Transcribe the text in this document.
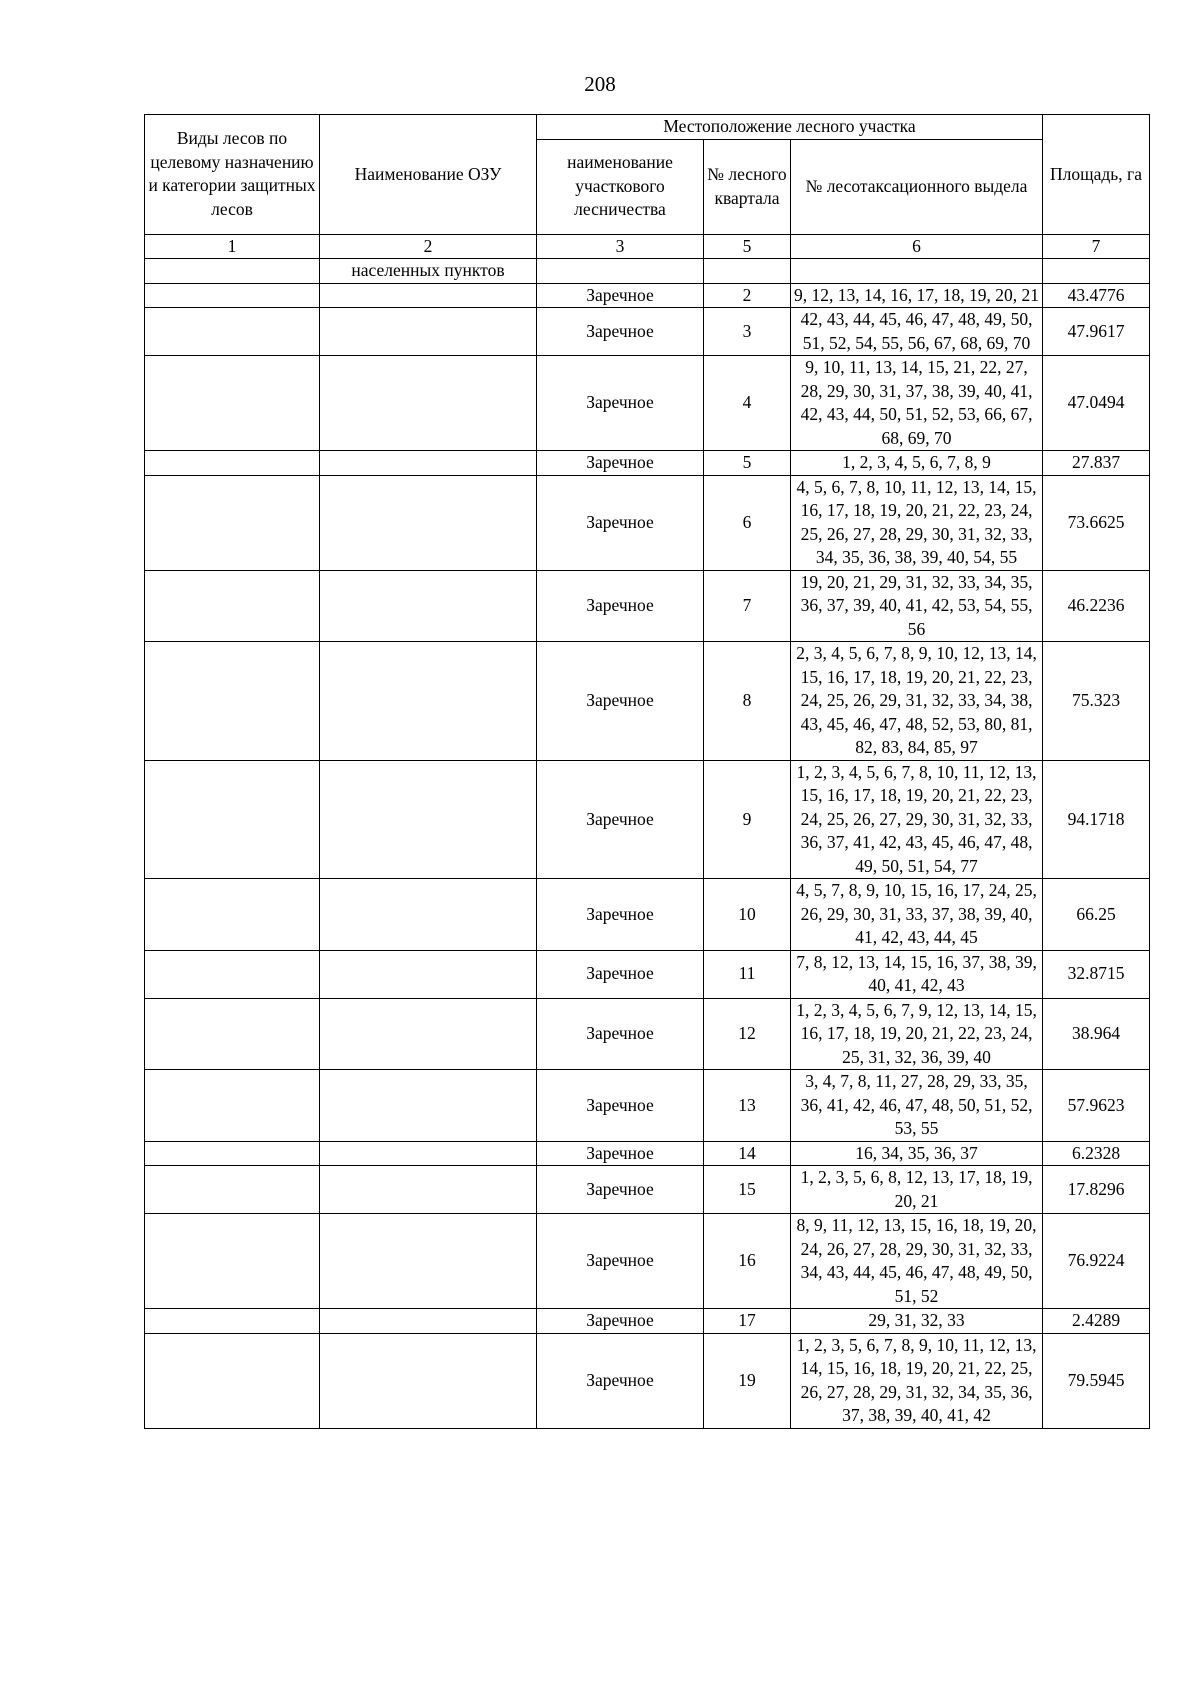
208
Виды лесов по целевому назначению и категории защитных лесов	Наименование ОЗУ	Местоположение лесного участка			Площадь, га
		наименование участкового лесничества	№ лесного квартала	№ лесотаксационного выдела	
1	2	3	5	6	7
	населенных пунктов				
		Заречное	2	9, 12, 13, 14, 16, 17, 18, 19, 20, 21	43.4776
		Заречное	3	42, 43, 44, 45, 46, 47, 48, 49, 50, 51, 52, 54, 55, 56, 67, 68, 69, 70	47.9617
		Заречное	4	9, 10, 11, 13, 14, 15, 21, 22, 27, 28, 29, 30, 31, 37, 38, 39, 40, 41, 42, 43, 44, 50, 51, 52, 53, 66, 67, 68, 69, 70	47.0494
		Заречное	5	1, 2, 3, 4, 5, 6, 7, 8, 9	27.837
		Заречное	6	4, 5, 6, 7, 8, 10, 11, 12, 13, 14, 15, 16, 17, 18, 19, 20, 21, 22, 23, 24, 25, 26, 27, 28, 29, 30, 31, 32, 33, 34, 35, 36, 38, 39, 40, 54, 55	73.6625
		Заречное	7	19, 20, 21, 29, 31, 32, 33, 34, 35, 36, 37, 39, 40, 41, 42, 53, 54, 55, 56	46.2236
		Заречное	8	2, 3, 4, 5, 6, 7, 8, 9, 10, 12, 13, 14, 15, 16, 17, 18, 19, 20, 21, 22, 23, 24, 25, 26, 29, 31, 32, 33, 34, 38, 43, 45, 46, 47, 48, 52, 53, 80, 81, 82, 83, 84, 85, 97	75.323
		Заречное	9	1, 2, 3, 4, 5, 6, 7, 8, 10, 11, 12, 13, 15, 16, 17, 18, 19, 20, 21, 22, 23, 24, 25, 26, 27, 29, 30, 31, 32, 33, 36, 37, 41, 42, 43, 45, 46, 47, 48, 49, 50, 51, 54, 77	94.1718
		Заречное	10	4, 5, 7, 8, 9, 10, 15, 16, 17, 24, 25, 26, 29, 30, 31, 33, 37, 38, 39, 40, 41, 42, 43, 44, 45	66.25
		Заречное	11	7, 8, 12, 13, 14, 15, 16, 37, 38, 39, 40, 41, 42, 43	32.8715
		Заречное	12	1, 2, 3, 4, 5, 6, 7, 9, 12, 13, 14, 15, 16, 17, 18, 19, 20, 21, 22, 23, 24, 25, 31, 32, 36, 39, 40	38.964
		Заречное	13	3, 4, 7, 8, 11, 27, 28, 29, 33, 35, 36, 41, 42, 46, 47, 48, 50, 51, 52, 53, 55	57.9623
		Заречное	14	16, 34, 35, 36, 37	6.2328
		Заречное	15	1, 2, 3, 5, 6, 8, 12, 13, 17, 18, 19, 20, 21	17.8296
		Заречное	16	8, 9, 11, 12, 13, 15, 16, 18, 19, 20, 24, 26, 27, 28, 29, 30, 31, 32, 33, 34, 43, 44, 45, 46, 47, 48, 49, 50, 51, 52	76.9224
		Заречное	17	29, 31, 32, 33	2.4289
		Заречное	19	1, 2, 3, 5, 6, 7, 8, 9, 10, 11, 12, 13, 14, 15, 16, 18, 19, 20, 21, 22, 25, 26, 27, 28, 29, 31, 32, 34, 35, 36, 37, 38, 39, 40, 41, 42	79.5945
